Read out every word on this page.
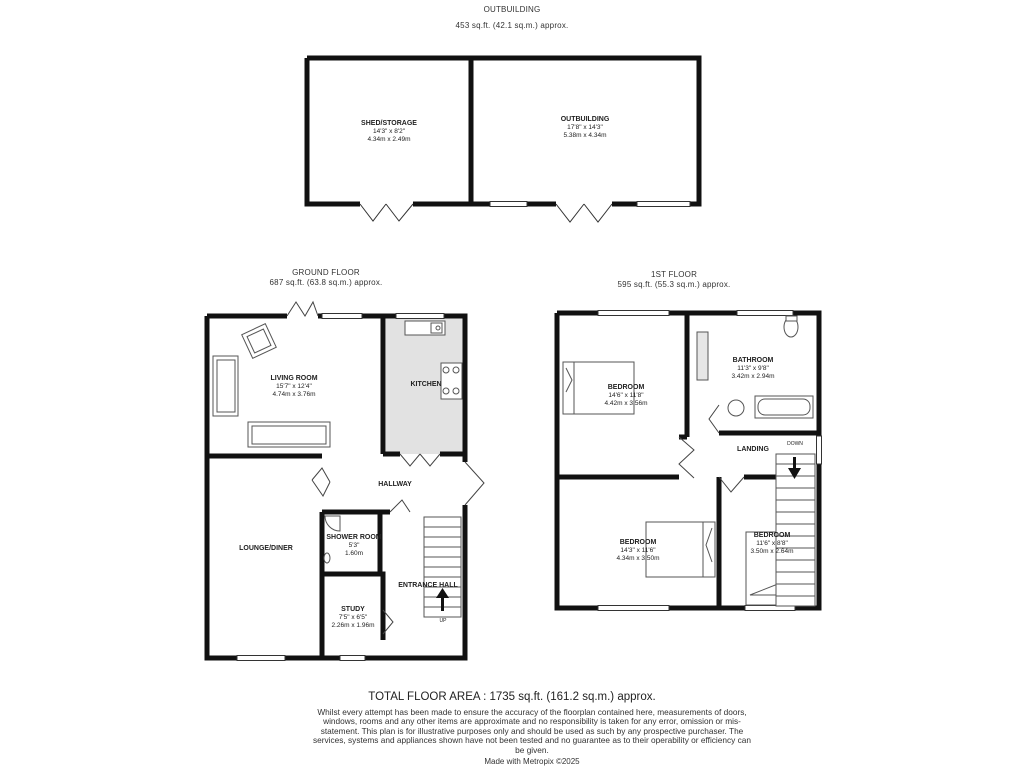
OUTBUILDING
453 sq.ft. (42.1 sq.m.) approx.
SHED/STORAGE
14'3" x 8'2"
4.34m x 2.49m
OUTBUILDING
17'8" x 14'3"
5.38m x 4.34m
GROUND FLOOR
687 sq.ft. (63.8 sq.m.) approx.
LIVING ROOM
15'7" x 12'4"
4.74m x 3.76m
KITCHEN
HALLWAY
LOUNGE/DINER
SHOWER ROOM
5'3"
1.60m
STUDY
7'5" x 6'5"
2.26m x 1.96m
ENTRANCE HALL
UP
1ST FLOOR
595 sq.ft. (55.3 sq.m.) approx.
BEDROOM
14'6" x 11'8"
4.42m x 3.56m
BATHROOM
11'3" x 9'8"
3.42m x 2.94m
LANDING
BEDROOM
14'3" x 11'6"
4.34m x 3.50m
BEDROOM
11'6" x 8'8"
3.50m x 2.64m
DOWN
TOTAL FLOOR AREA : 1735 sq.ft. (161.2 sq.m.) approx.
Whilst every attempt has been made to ensure the accuracy of the floorplan contained here, measurements of doors, windows, rooms and any other items are approximate and no responsibility is taken for any error, omission or mis-statement. This plan is for illustrative purposes only and should be used as such by any prospective purchaser. The services, systems and appliances shown have not been tested and no guarantee as to their operability or efficiency can be given.
Made with Metropix ©2025
